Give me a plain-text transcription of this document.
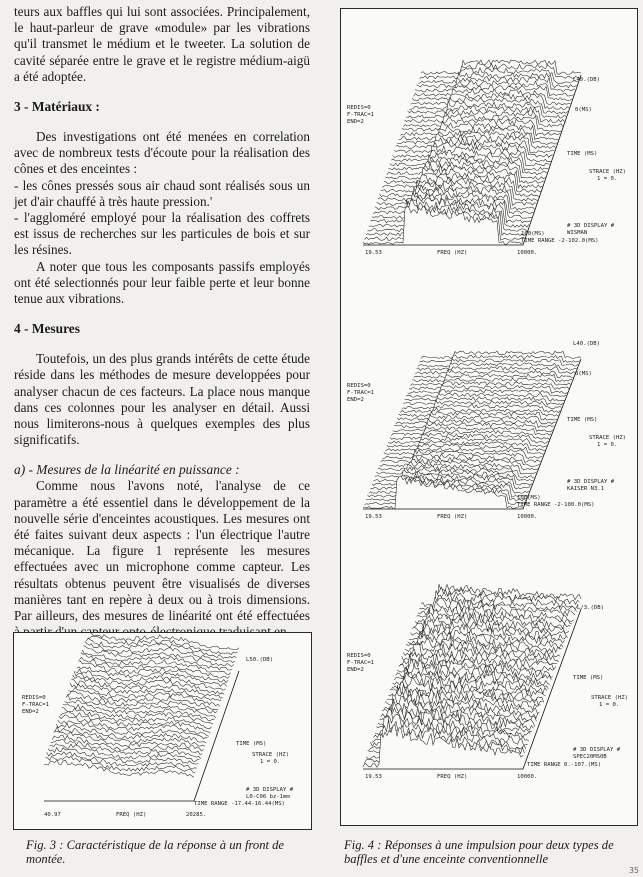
teurs aux baffles qui lui sont associées. Principalement, le haut-parleur de grave «module» par les vibrations qu'il transmet le médium et le tweeter. La solution de cavité séparée entre le grave et le registre médium-aigü a été adoptée.

3 - Matériaux :

Des investigations ont été menées en correlation avec de nombreux tests d'écoute pour la réalisation des cônes et des enceintes :

- les cônes pressés sous air chaud sont réalisés sous un jet d'air chauffé à très haute pression.'

- l'aggloméré employé pour la réalisation des coffrets est issus de recherches sur les particules de bois et sur les résines.

A noter que tous les composants passifs employés ont été selectionnés pour leur faible perte et leur bonne tenue aux vibrations.

4 - Mesures

Toutefois, un des plus grands intérêts de cette étude réside dans les méthodes de mesure developpées pour analyser chacun de ces facteurs. La place nous manque dans ces colonnes pour les analyser en détail. Aussi nous limiterons-nous à quelques exemples des plus significatifs.

a) - Mesures de la linéarité en puissance :

Comme nous l'avons noté, l'analyse de ce paramètre a été essentiel dans le développement de la nouvelle série d'enceintes acoustiques. Les mesures ont été faites suivant deux aspects : l'un électrique l'autre mécanique. La figure 1 représente les mesures effectuées avec un microphone comme capteur. Les résultats obtenus peuvent être visualisés de diverses manières tant en repère à deux ou à trois dimensions. Par ailleurs, des mesures de linéarité ont été effectuées

REDIS=0
F-TRAC=1
END=2
L50.(DB)
TIME (MS)
STRACE (HZ)
1 = 0.
# 3D DISPLAY #
L0-C06 bz-1mm
TIME RANGE -17.44-16.44(MS)
40.97	FREQ (HZ)	20285.
Fig. 3 : Caractéristique de la réponse à un front de montée.
REDIS=0
F-TRAC=1
END=2
L40.(DB)
0(MS)
TIME (MS)
STRACE (HZ)
1 = 0.
# 3D DISPLAY #
WISMAN
100(MS)
TIME RANGE -2-102.0(MS)
19.53	FREQ (HZ)	10000.
REDIS=0
F-TRAC=1
END=2
L40.(DB)
0(MS)
TIME (MS)
STRACE (HZ)
1 = 0.
# 3D DISPLAY #
KAISER N3.1
100(MS)
TIME RANGE -2-100.0(MS)
19.53	FREQ (HZ)	10000.
REDIS=0
F-TRAC=1
END=2
L/3.(DB)
TIME (MS)
STRACE (HZ)
1 = 0.
# 3D DISPLAY #
SPEC20MS0B
TIME RANGE 0.-107.(MS)
19.53	FREQ (HZ)	10000.
Fig. 4 : Réponses à une impulsion pour deux types de baffles et d'une enceinte conventionnelle
35
